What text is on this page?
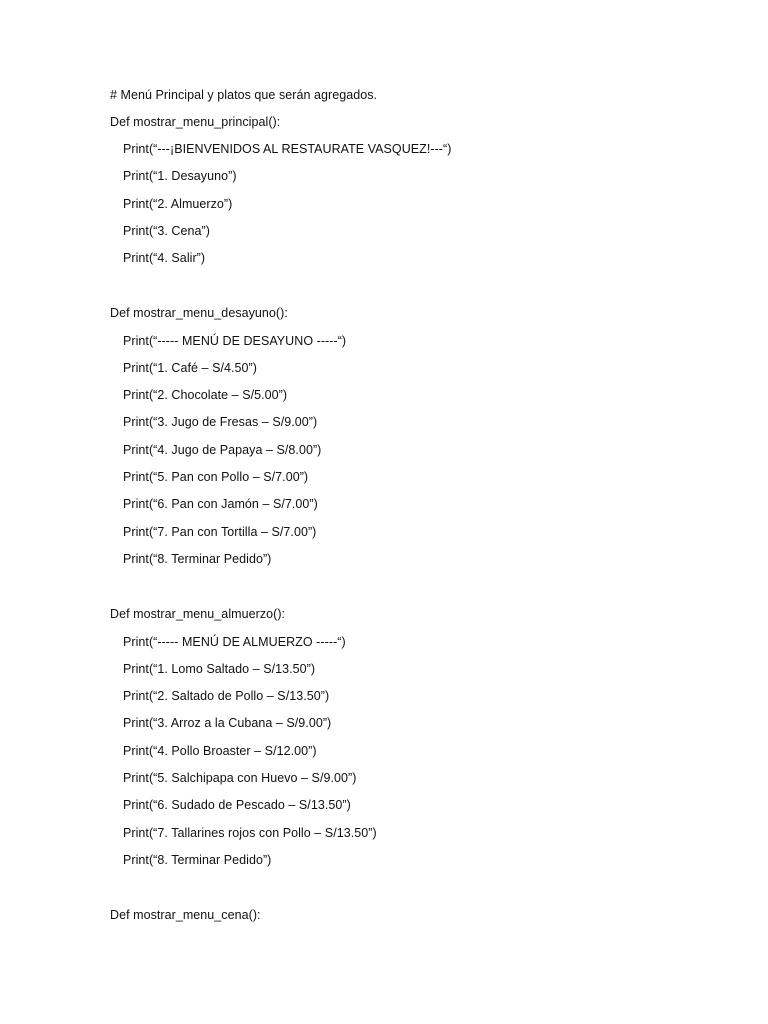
# Menú Principal y platos que serán agregados.
Def mostrar_menu_principal():
Print(“---¡BIENVENIDOS AL RESTAURATE VASQUEZ!---“)
Print(“1. Desayuno”)
Print(“2. Almuerzo”)
Print(“3. Cena”)
Print(“4. Salir”)
Def mostrar_menu_desayuno():
Print(“----- MENÚ DE DESAYUNO -----“)
Print(“1. Café – S/4.50”)
Print(“2. Chocolate – S/5.00”)
Print(“3. Jugo de Fresas – S/9.00”)
Print(“4. Jugo de Papaya – S/8.00”)
Print(“5. Pan con Pollo – S/7.00”)
Print(“6. Pan con Jamón – S/7.00”)
Print(“7. Pan con Tortilla – S/7.00”)
Print(“8. Terminar Pedido”)
Def mostrar_menu_almuerzo():
Print(“----- MENÚ DE ALMUERZO -----“)
Print(“1. Lomo Saltado – S/13.50”)
Print(“2. Saltado de Pollo – S/13.50”)
Print(“3. Arroz a la Cubana – S/9.00”)
Print(“4. Pollo Broaster – S/12.00”)
Print(“5. Salchipapa con Huevo – S/9.00”)
Print(“6. Sudado de Pescado – S/13.50”)
Print(“7. Tallarines rojos con Pollo – S/13.50”)
Print(“8. Terminar Pedido”)
Def mostrar_menu_cena():
